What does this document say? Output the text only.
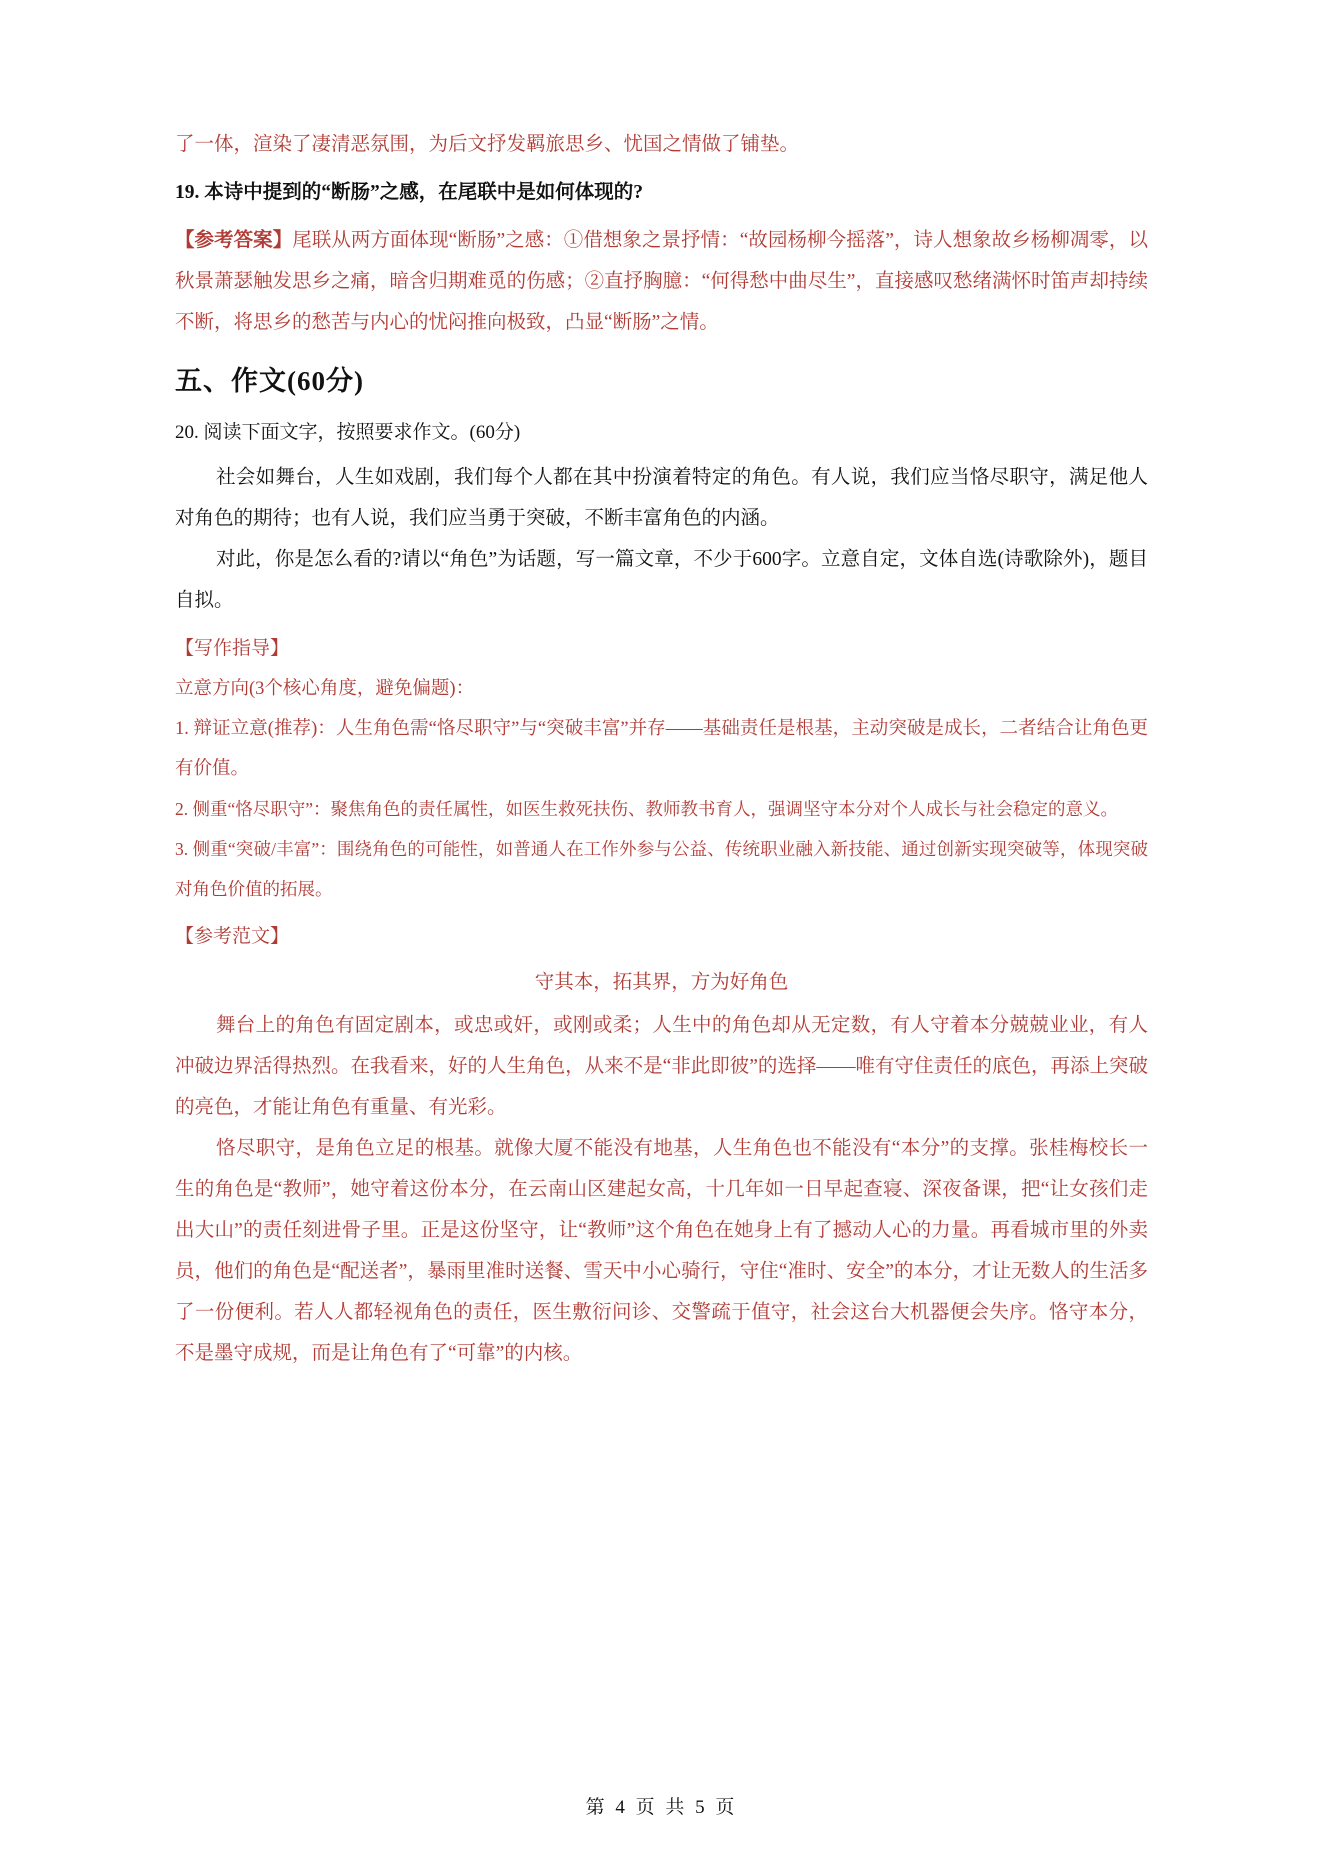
了一体，渲染了凄清恶氛围，为后文抒发羁旅思乡、忧国之情做了铺垫。

19. 本诗中提到的“断肠”之感，在尾联中是如何体现的?

【参考答案】尾联从两方面体现“断肠”之感：①借想象之景抒情：“故园杨柳今摇落”，诗人想象故乡杨柳凋零，以秋景萧瑟触发思乡之痛，暗含归期难觅的伤感；②直抒胸臆：“何得愁中曲尽生”，直接感叹愁绪满怀时笛声却持续不断，将思乡的愁苦与内心的忧闷推向极致，凸显“断肠”之情。

五、作文(60分)

20. 阅读下面文字，按照要求作文。(60分)

社会如舞台，人生如戏剧，我们每个人都在其中扮演着特定的角色。有人说，我们应当恪尽职守，满足他人对角色的期待；也有人说，我们应当勇于突破，不断丰富角色的内涵。

对此，你是怎么看的?请以“角色”为话题，写一篇文章，不少于600字。立意自定，文体自选(诗歌除外)，题目自拟。

【写作指导】

立意方向(3个核心角度，避免偏题)：

1. 辩证立意(推荐)：人生角色需“恪尽职守”与“突破丰富”并存——基础责任是根基，主动突破是成长，二者结合让角色更有价值。

2. 侧重“恪尽职守”：聚焦角色的责任属性，如医生救死扶伤、教师教书育人，强调坚守本分对个人成长与社会稳定的意义。

3. 侧重“突破/丰富”：围绕角色的可能性，如普通人在工作外参与公益、传统职业融入新技能、通过创新实现突破等，体现突破对角色价值的拓展。

【参考范文】

守其本，拓其界，方为好角色

舞台上的角色有固定剧本，或忠或奸，或刚或柔；人生中的角色却从无定数，有人守着本分兢兢业业，有人冲破边界活得热烈。在我看来，好的人生角色，从来不是“非此即彼”的选择——唯有守住责任的底色，再添上突破的亮色，才能让角色有重量、有光彩。

恪尽职守，是角色立足的根基。就像大厦不能没有地基，人生角色也不能没有“本分”的支撑。张桂梅校长一生的角色是“教师”，她守着这份本分，在云南山区建起女高，十几年如一日早起查寝、深夜备课，把“让女孩们走出大山”的责任刻进骨子里。正是这份坚守，让“教师”这个角色在她身上有了撼动人心的力量。再看城市里的外卖员，他们的角色是“配送者”，暴雨里准时送餐、雪天中小心骑行，守住“准时、安全”的本分，才让无数人的生活多了一份便利。若人人都轻视角色的责任，医生敷衍问诊、交警疏于值守，社会这台大机器便会失序。恪守本分，不是墨守成规，而是让角色有了“可靠”的内核。

第 4 页 共 5 页
